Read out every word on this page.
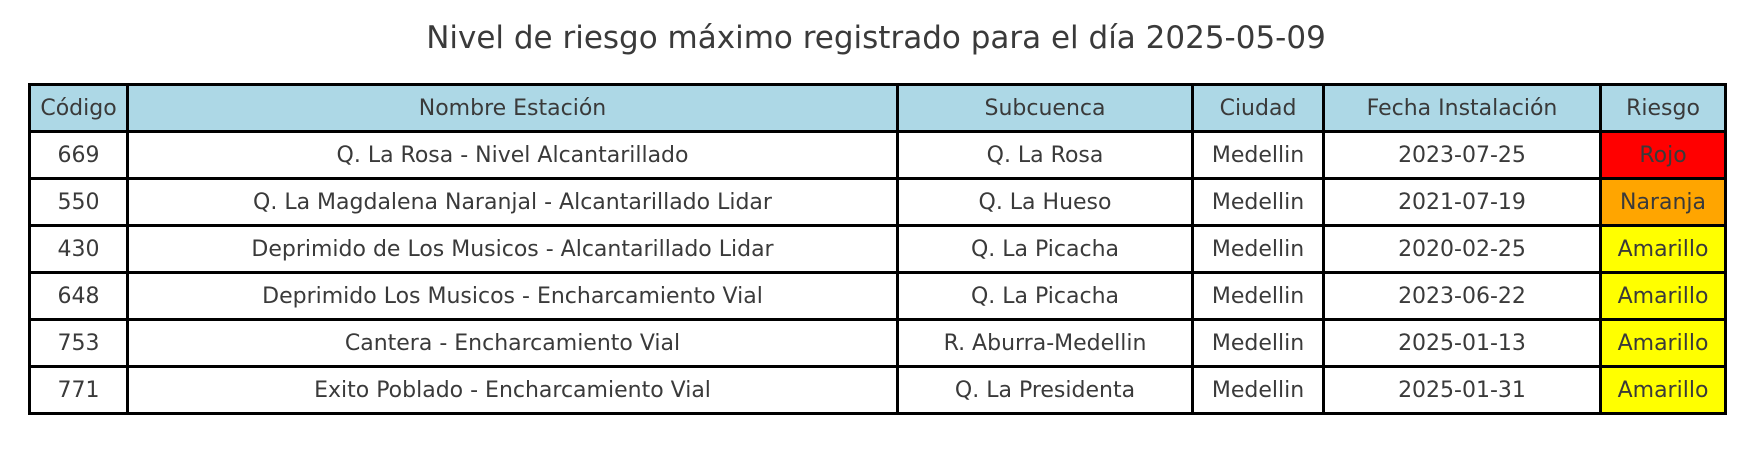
Nivel de riesgo máximo registrado para el día 2025-05-09
Código	Nombre Estación	Subcuenca	Ciudad	Fecha Instalación	Riesgo
669	Q. La Rosa - Nivel Alcantarillado	Q. La Rosa	Medellin	2023-07-25	Rojo
550	Q. La Magdalena Naranjal - Alcantarillado Lidar	Q. La Hueso	Medellin	2021-07-19	Naranja
430	Deprimido de Los Musicos - Alcantarillado Lidar	Q. La Picacha	Medellin	2020-02-25	Amarillo
648	Deprimido Los Musicos - Encharcamiento Vial	Q. La Picacha	Medellin	2023-06-22	Amarillo
753	Cantera - Encharcamiento Vial	R. Aburra-Medellin	Medellin	2025-01-13	Amarillo
771	Exito Poblado - Encharcamiento Vial	Q. La Presidenta	Medellin	2025-01-31	Amarillo
